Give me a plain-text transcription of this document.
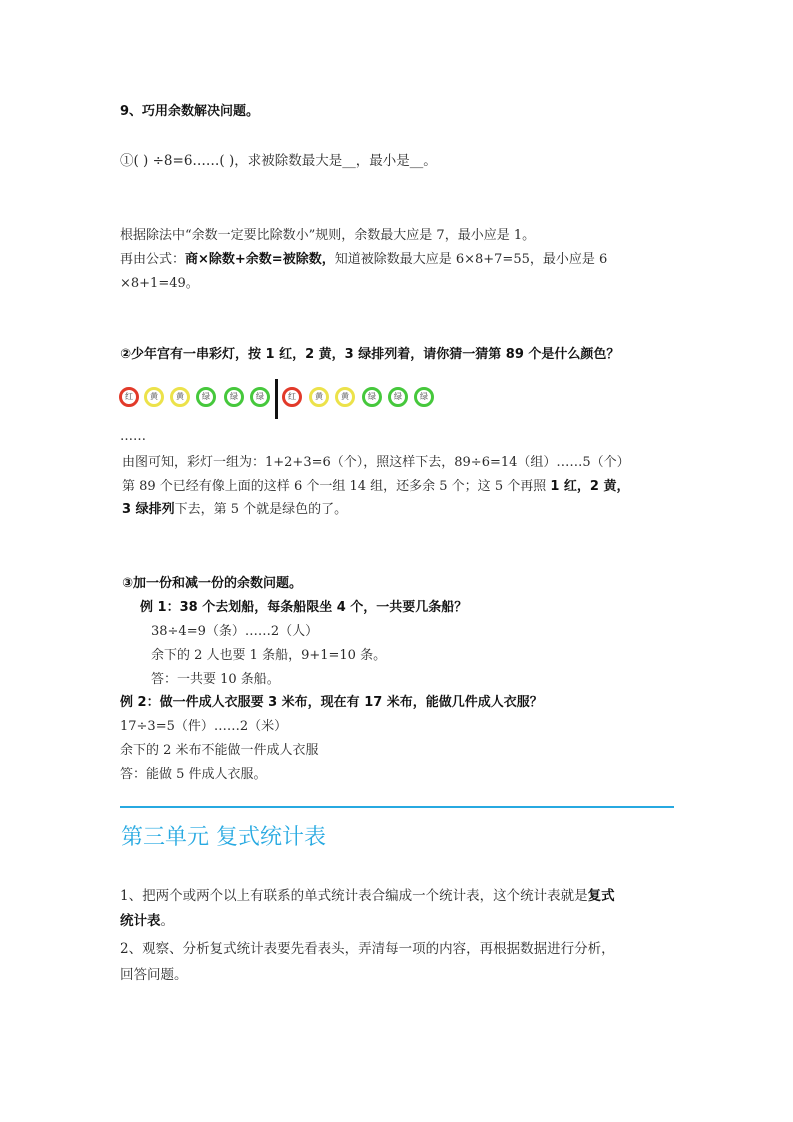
9、巧用余数解决问题。
①( ) ÷8=6……( )，求被除数最大是__，最小是__。
根据除法中“余数一定要比除数小”规则，余数最大应是 7，最小应是 1。
再由公式：商×除数+余数=被除数，知道被除数最大应是 6×8+7=55，最小应是 6
×8+1=49。
②少年宫有一串彩灯，按 1 红，2 黄，3 绿排列着，请你猜一猜第 89 个是什么颜色？
红	黄	黄	绿	绿	绿	红	黄	黄	绿	绿	绿
……
由图可知，彩灯一组为：1+2+3=6（个），照这样下去，89÷6=14（组）……5（个）
第 89 个已经有像上面的这样 6 个一组 14 组，还多余 5 个；这 5 个再照 1 红，2 黄，
3 绿排列下去，第 5 个就是绿色的了。
③加一份和减一份的余数问题。
例 1：38 个去划船，每条船限坐 4 个，一共要几条船？
38÷4=9（条）……2（人）
余下的 2 人也要 1 条船，9+1=10 条。
答：一共要 10 条船。
例 2：做一件成人衣服要 3 米布，现在有 17 米布，能做几件成人衣服？
17÷3=5（件）……2（米）
余下的 2 米布不能做一件成人衣服
答：能做 5 件成人衣服。
第三单元 复式统计表
1、把两个或两个以上有联系的单式统计表合编成一个统计表，这个统计表就是复式
统计表。
2、观察、分析复式统计表要先看表头，弄清每一项的内容，再根据数据进行分析，
回答问题。
